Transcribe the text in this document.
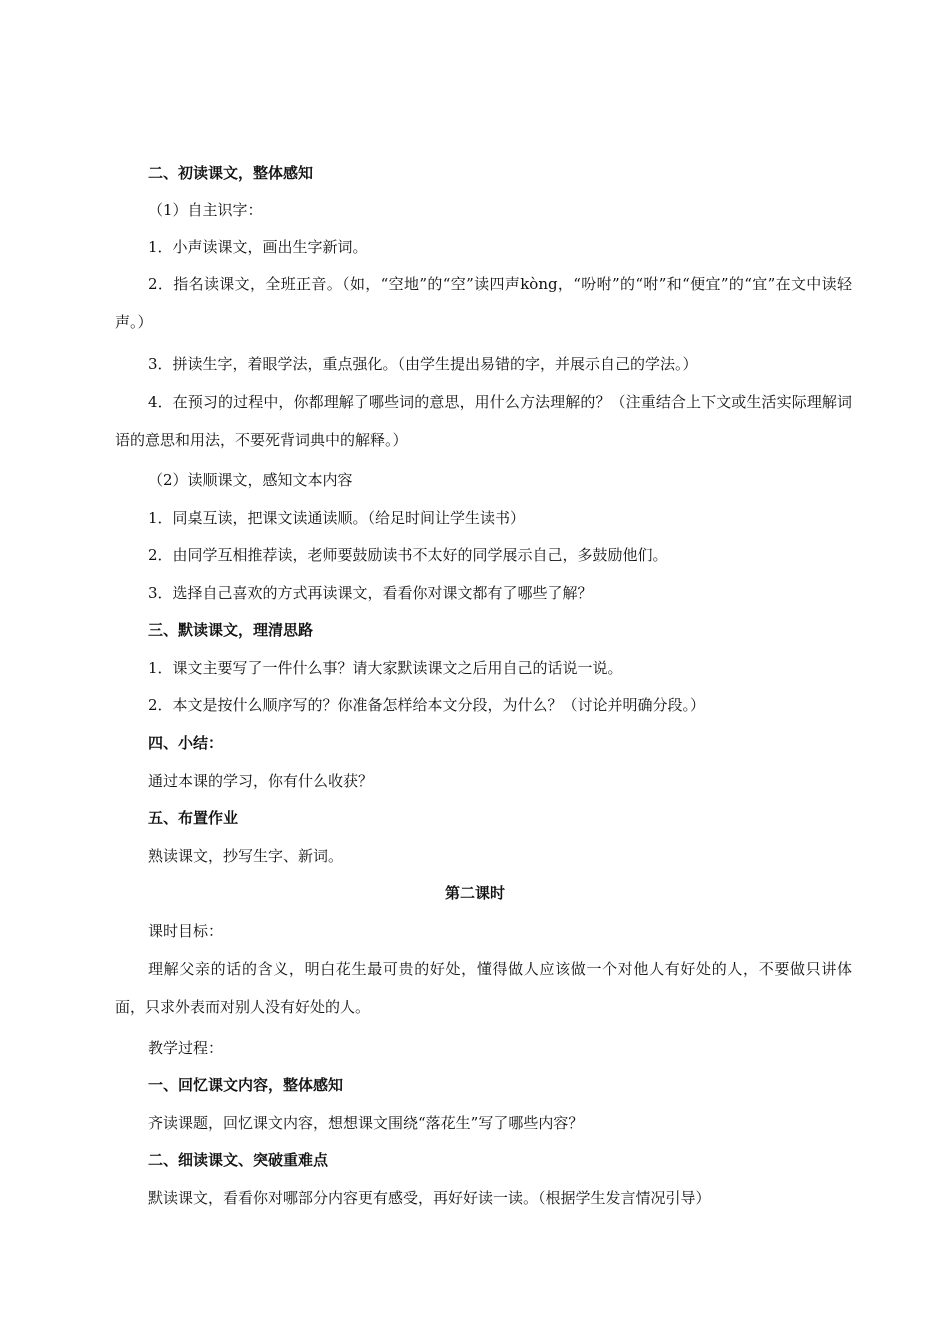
二、初读课文，整体感知
（1）自主识字：
1．小声读课文，画出生字新词。
2．指名读课文，全班正音。（如，“空地”的“空”读四声kòng，“吩咐”的“咐”和“便宜”的“宜”在文中读轻声。）
3．拼读生字，着眼学法，重点强化。（由学生提出易错的字，并展示自己的学法。）
4．在预习的过程中，你都理解了哪些词的意思，用什么方法理解的？（注重结合上下文或生活实际理解词语的意思和用法，不要死背词典中的解释。）
（2）读顺课文，感知文本内容
1．同桌互读，把课文读通读顺。（给足时间让学生读书）
2．由同学互相推荐读，老师要鼓励读书不太好的同学展示自己，多鼓励他们。
3．选择自己喜欢的方式再读课文，看看你对课文都有了哪些了解？
三、默读课文，理清思路
1．课文主要写了一件什么事？请大家默读课文之后用自己的话说一说。
2．本文是按什么顺序写的？你准备怎样给本文分段，为什么？（讨论并明确分段。）
四、小结：
通过本课的学习，你有什么收获？
五、布置作业
熟读课文，抄写生字、新词。
第二课时
课时目标：
理解父亲的话的含义，明白花生最可贵的好处，懂得做人应该做一个对他人有好处的人，不要做只讲体面，只求外表而对别人没有好处的人。
教学过程：
一、回忆课文内容，整体感知
齐读课题，回忆课文内容，想想课文围绕“落花生”写了哪些内容？
二、细读课文、突破重难点
默读课文，看看你对哪部分内容更有感受，再好好读一读。（根据学生发言情况引导）
